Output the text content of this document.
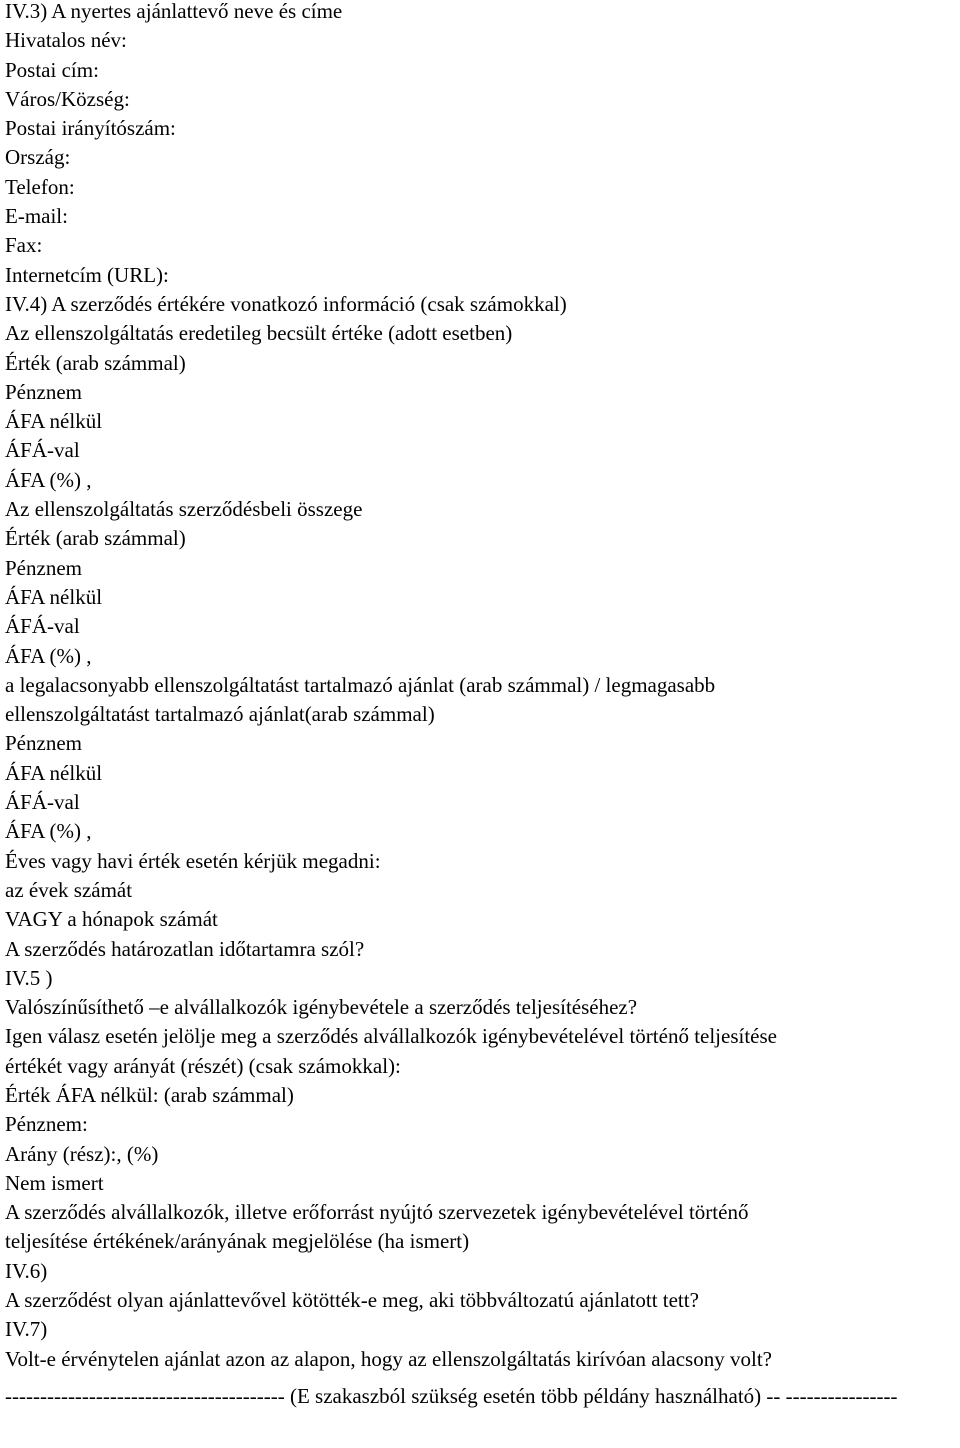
IV.3) A nyertes ajánlattevő neve és címe
Hivatalos név:
Postai cím:
Város/Község:
Postai irányítószám:
Ország:
Telefon:
E-mail:
Fax:
Internetcím (URL):
IV.4) A szerződés értékére vonatkozó információ (csak számokkal)
Az ellenszolgáltatás eredetileg becsült értéke (adott esetben)
Érték (arab számmal)
Pénznem
ÁFA nélkül
ÁFÁ-val
ÁFA (%) ,
Az ellenszolgáltatás szerződésbeli összege
Érték (arab számmal)
Pénznem
ÁFA nélkül
ÁFÁ-val
ÁFA (%) ,
a legalacsonyabb ellenszolgáltatást tartalmazó ajánlat (arab számmal) / legmagasabb
ellenszolgáltatást tartalmazó ajánlat(arab számmal)
Pénznem
ÁFA nélkül
ÁFÁ-val
ÁFA (%) ,
Éves vagy havi érték esetén kérjük megadni:
az évek számát
VAGY a hónapok számát
A szerződés határozatlan időtartamra szól?
IV.5 )
Valószínűsíthető –e alvállalkozók igénybevétele a szerződés teljesítéséhez?
Igen válasz esetén jelölje meg a szerződés alvállalkozók igénybevételével történő teljesítése
értékét vagy arányát (részét) (csak számokkal):
Érték ÁFA nélkül: (arab számmal)
Pénznem:
Arány (rész):, (%)
Nem ismert
A szerződés alvállalkozók, illetve erőforrást nyújtó szervezetek igénybevételével történő
teljesítése értékének/arányának megjelölése (ha ismert)
IV.6)
A szerződést olyan ajánlattevővel kötötték-e meg, aki többváltozatú ajánlatott tett?
IV.7)
Volt-e érvénytelen ajánlat azon az alapon, hogy az ellenszolgáltatás kirívóan alacsony volt?
---------------------------------------- (E szakaszból szükség esetén több példány használható) -- ----------------
